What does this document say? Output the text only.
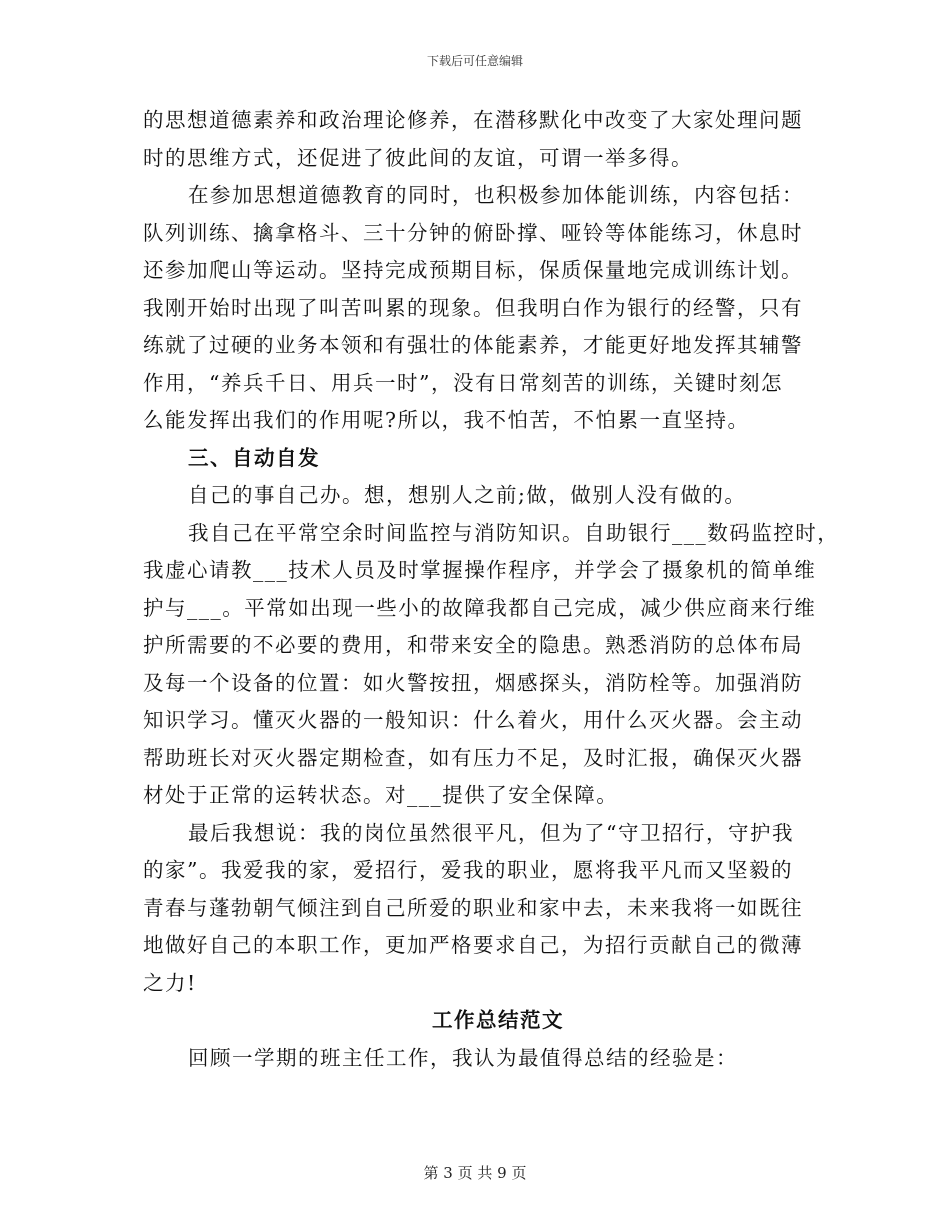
下载后可任意编辑
的思想道德素养和政治理论修养，在潜移默化中改变了大家处理问题
时的思维方式，还促进了彼此间的友谊，可谓一举多得。
在参加思想道德教育的同时，也积极参加体能训练，内容包括：
队列训练、擒拿格斗、三十分钟的俯卧撑、哑铃等体能练习，休息时
还参加爬山等运动。坚持完成预期目标，保质保量地完成训练计划。
我刚开始时出现了叫苦叫累的现象。但我明白作为银行的经警，只有
练就了过硬的业务本领和有强壮的体能素养，才能更好地发挥其辅警
作用，“养兵千日、用兵一时”，没有日常刻苦的训练，关键时刻怎
么能发挥出我们的作用呢?所以，我不怕苦，不怕累一直坚持。
三、自动自发
自己的事自己办。想，想别人之前;做，做别人没有做的。
我自己在平常空余时间监控与消防知识。自助银行___数码监控时，
我虚心请教___技术人员及时掌握操作程序，并学会了摄象机的简单维
护与___。平常如出现一些小的故障我都自己完成，减少供应商来行维
护所需要的不必要的费用，和带来安全的隐患。熟悉消防的总体布局
及每一个设备的位置：如火警按扭，烟感探头，消防栓等。加强消防
知识学习。懂灭火器的一般知识：什么着火，用什么灭火器。会主动
帮助班长对灭火器定期检查，如有压力不足，及时汇报，确保灭火器
材处于正常的运转状态。对___提供了安全保障。
最后我想说：我的岗位虽然很平凡，但为了“守卫招行，守护我
的家”。我爱我的家，爱招行，爱我的职业，愿将我平凡而又坚毅的
青春与蓬勃朝气倾注到自己所爱的职业和家中去，未来我将一如既往
地做好自己的本职工作，更加严格要求自己，为招行贡献自己的微薄
之力!
工作总结范文
回顾一学期的班主任工作，我认为最值得总结的经验是：
第 3 页 共 9 页
